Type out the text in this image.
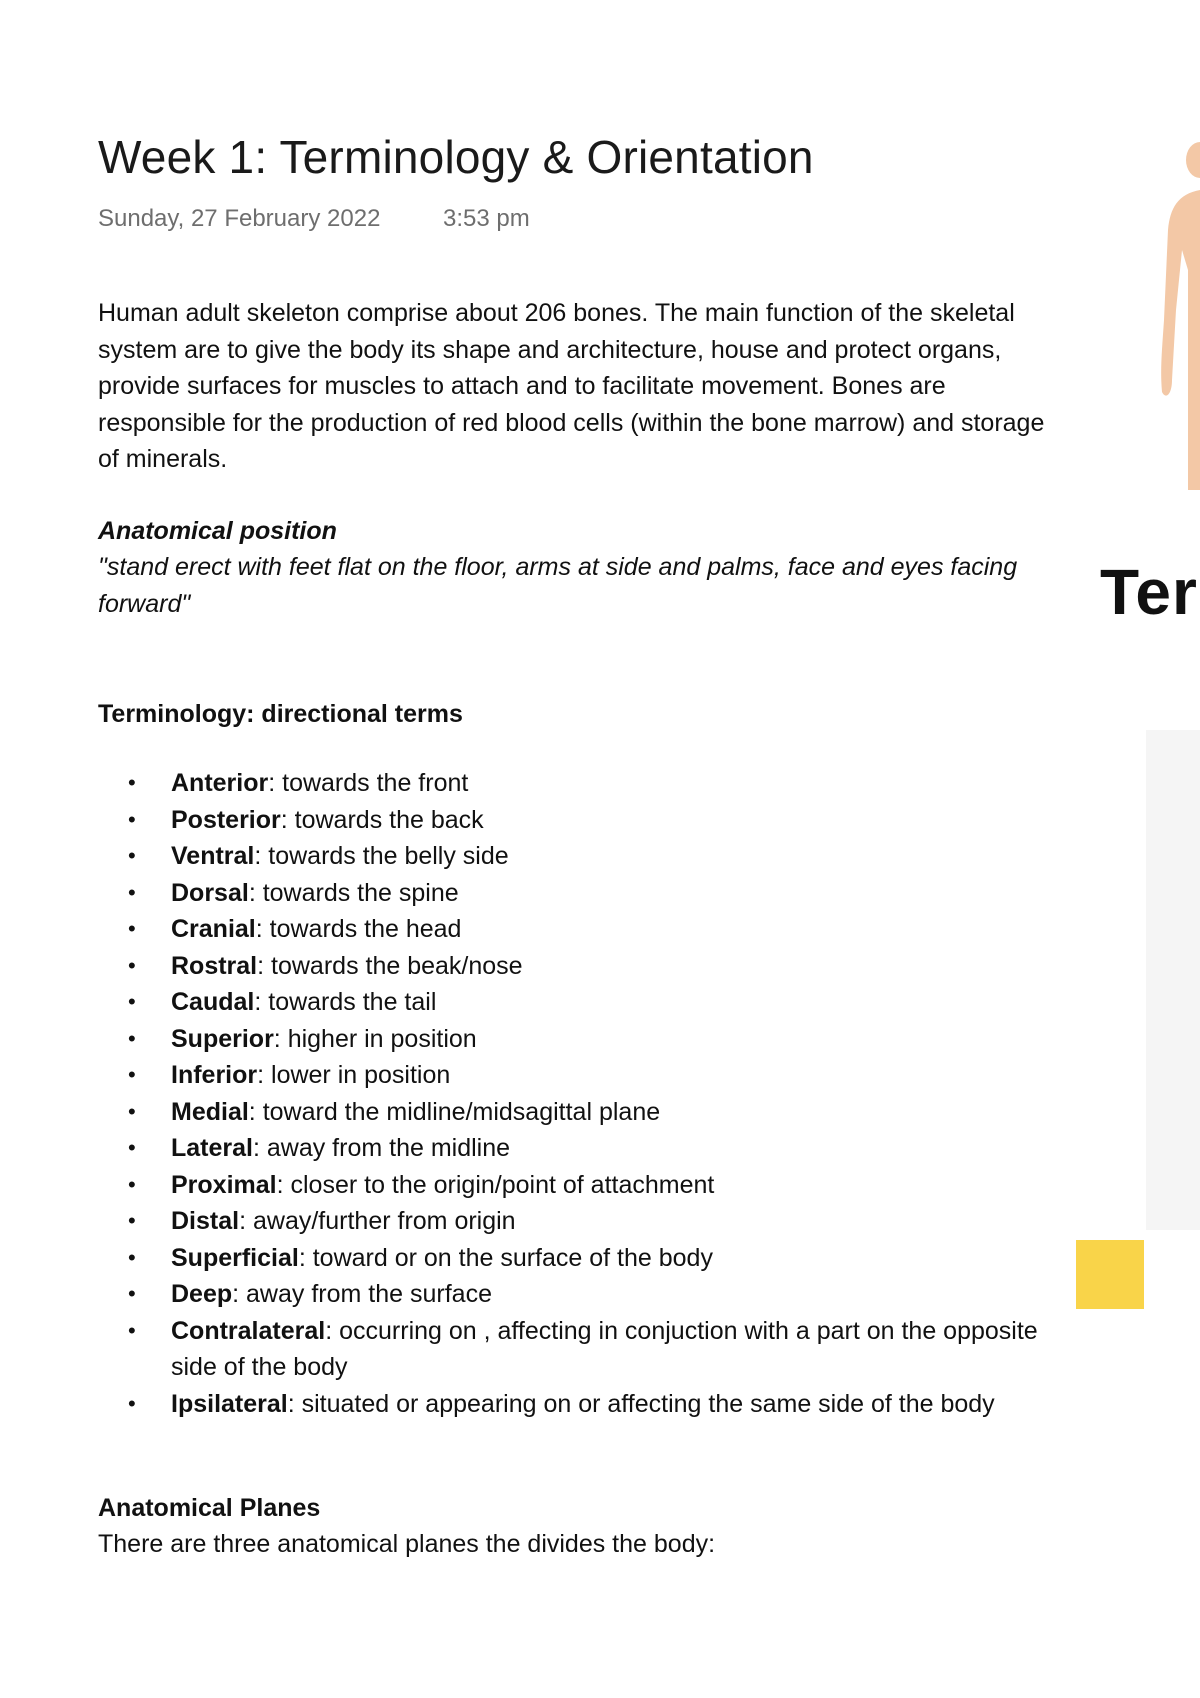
Week 1: Terminology & Orientation
Sunday, 27 February 2022	3:53 pm
Human adult skeleton comprise about 206 bones. The main function of the skeletal system are to give the body its shape and architecture, house and protect organs, provide surfaces for muscles to attach and to facilitate movement. Bones are responsible for the production of red blood cells (within the bone marrow) and storage of minerals.
Anatomical position
"stand erect with feet flat on the floor, arms at side and palms, face and eyes facing forward"
Terminology: directional terms
• Anterior: towards the front
• Posterior: towards the back
• Ventral: towards the belly side
• Dorsal: towards the spine
• Cranial: towards the head
• Rostral: towards the beak/nose
• Caudal: towards the tail
• Superior: higher in position
• Inferior: lower in position
• Medial: toward the midline/midsagittal plane
• Lateral: away from the midline
• Proximal: closer to the origin/point of attachment
• Distal: away/further from origin
• Superficial: toward or on the surface of the body
• Deep: away from the surface
• Contralateral: occurring on , affecting in conjuction with a part on the opposite side of the body
• Ipsilateral: situated or appearing on or affecting the same side of the body
Anatomical Planes
There are three anatomical planes the divides the body:
Ter
